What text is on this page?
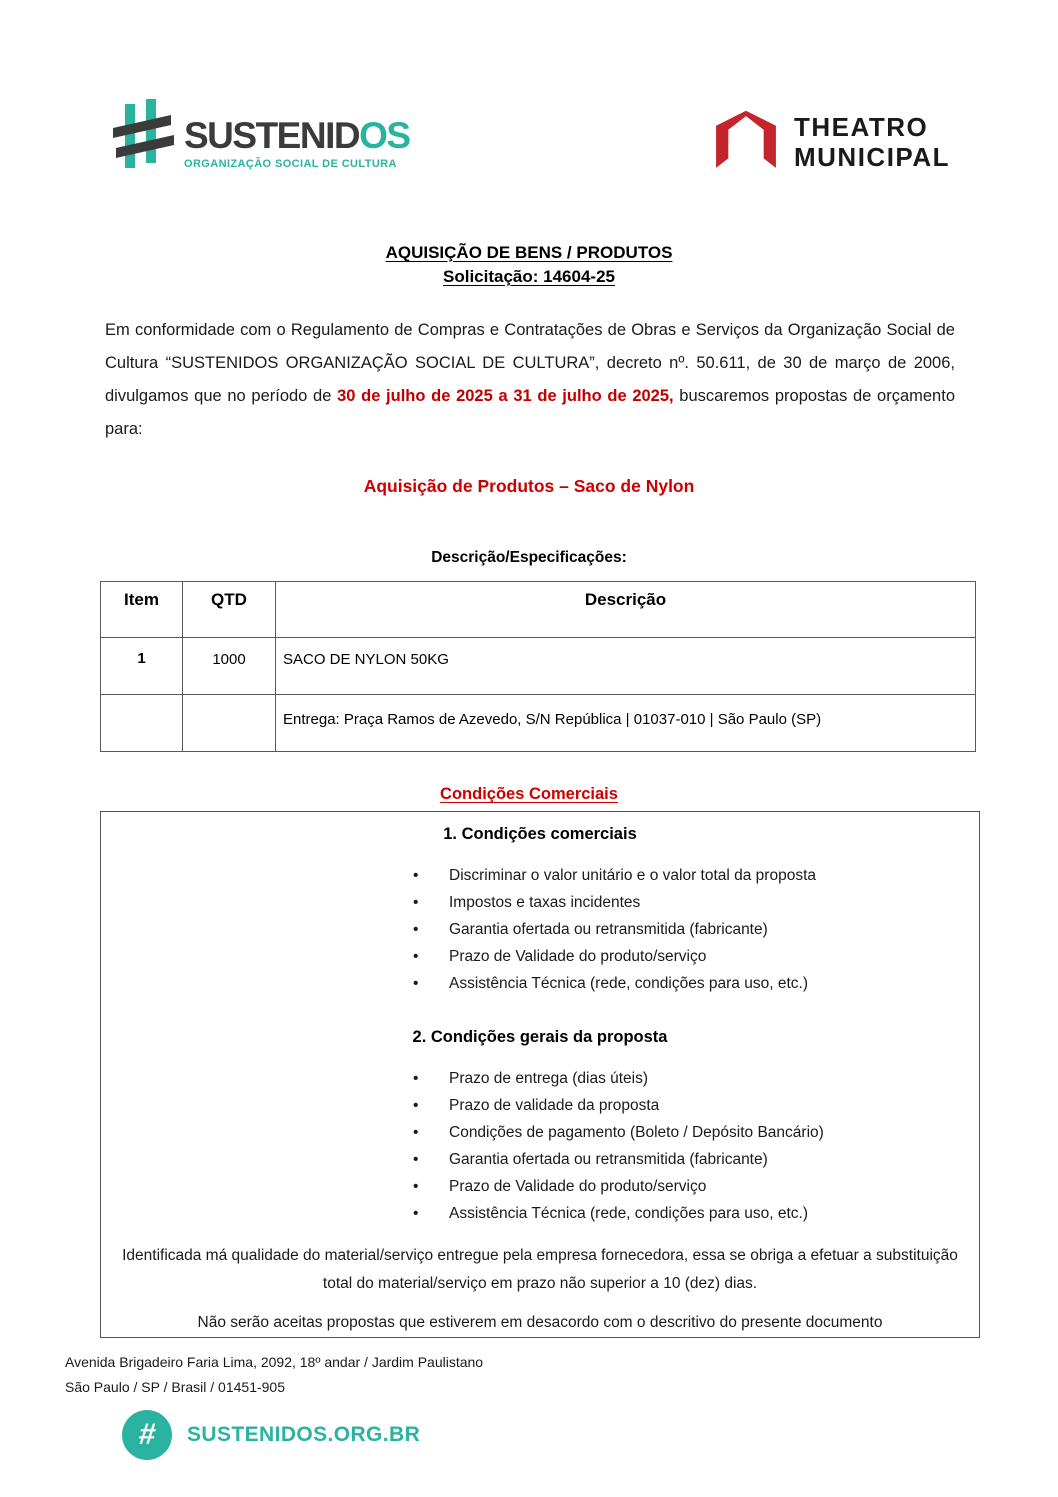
SUSTENIDOS
ORGANIZAÇÃO SOCIAL DE CULTURA
THEATRO
MUNICIPAL
AQUISIÇÃO DE BENS / PRODUTOS
Solicitação: 14604-25

Em conformidade com o Regulamento de Compras e Contratações de Obras e Serviços da Organização Social de Cultura “SUSTENIDOS ORGANIZAÇÃO SOCIAL DE CULTURA”, decreto nº. 50.611, de 30 de março de 2006, divulgamos que no período de 30 de julho de 2025 a 31 de julho de 2025, buscaremos propostas de orçamento para:

Aquisição de Produtos – Saco de Nylon
Descrição/Especificações:
Item	QTD	Descrição
1	1000	SACO DE NYLON 50KG
		Entrega: Praça Ramos de Azevedo, S/N República | 01037-010 | São Paulo (SP)
Condições Comerciais
1. Condições comerciais
• Discriminar o valor unitário e o valor total da proposta
• Impostos e taxas incidentes
• Garantia ofertada ou retransmitida (fabricante)
• Prazo de Validade do produto/serviço
• Assistência Técnica (rede, condições para uso, etc.)
2. Condições gerais da proposta
• Prazo de entrega (dias úteis)
• Prazo de validade da proposta
• Condições de pagamento (Boleto / Depósito Bancário)
• Garantia ofertada ou retransmitida (fabricante)
• Prazo de Validade do produto/serviço
• Assistência Técnica (rede, condições para uso, etc.)
Identificada má qualidade do material/serviço entregue pela empresa fornecedora, essa se obriga a efetuar a substituição total do material/serviço em prazo não superior a 10 (dez) dias.
Não serão aceitas propostas que estiverem em desacordo com o descritivo do presente documento
Avenida Brigadeiro Faria Lima, 2092, 18º andar / Jardim Paulistano
São Paulo / SP / Brasil / 01451-905
# SUSTENIDOS.ORG.BR
